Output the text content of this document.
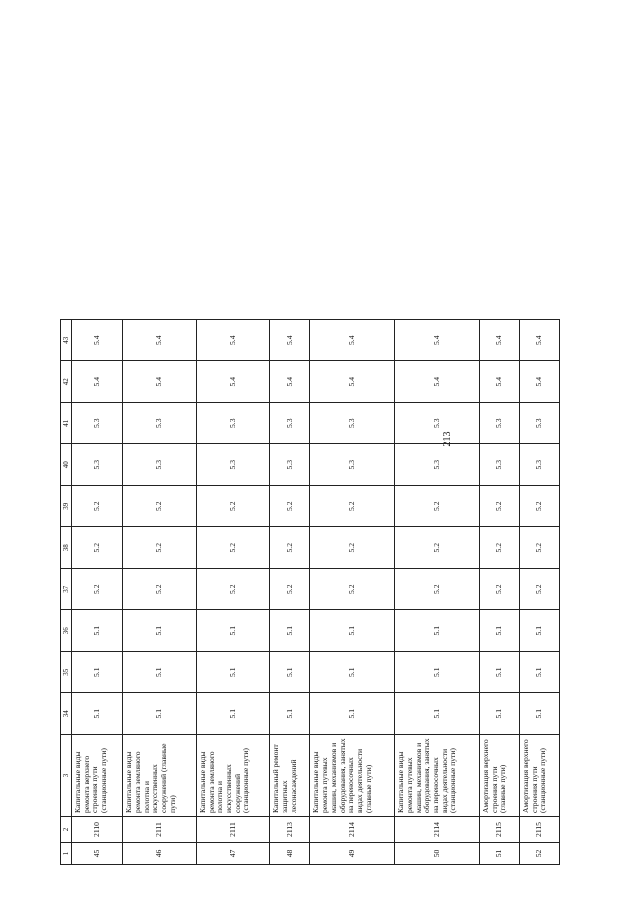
213
1	2	3	34	35	36	37	38	39	40	41	42	43
45	2110	Капитальные виды ремонта верхнего строения пути (станционные пути)	5.1	5.1	5.1	5.2	5.2	5.2	5.3	5.3	5.4	5.4
46	2111	Капитальные виды ремонта земляного полотна и искусственных сооружений (главные пути)	5.1	5.1	5.1	5.2	5.2	5.2	5.3	5.3	5.4	5.4
47	2111	Капитальные виды ремонта земляного полотна и искусственных сооружений (станционные пути)	5.1	5.1	5.1	5.2	5.2	5.2	5.3	5.3	5.4	5.4
48	2113	Капитальный ремонт защитных лесонасаждений	5.1	5.1	5.1	5.2	5.2	5.2	5.3	5.3	5.4	5.4
49	2114	Капитальные виды ремонта путевых машин, механизмов и оборудования, занятых на переносочных видах деятельности (главные пути)	5.1	5.1	5.1	5.2	5.2	5.2	5.3	5.3	5.4	5.4
50	2114	Капитальные виды ремонта путевых машин, механизмов и оборудования, занятых на переносочных видах деятельности (станционные пути)	5.1	5.1	5.1	5.2	5.2	5.2	5.3	5.3	5.4	5.4
51	2115	Амортизация верхнего строения пути (главные пути)	5.1	5.1	5.1	5.2	5.2	5.2	5.3	5.3	5.4	5.4
52	2115	Амортизация верхнего строения пути (станционные пути)	5.1	5.1	5.1	5.2	5.2	5.2	5.3	5.3	5.4	5.4
